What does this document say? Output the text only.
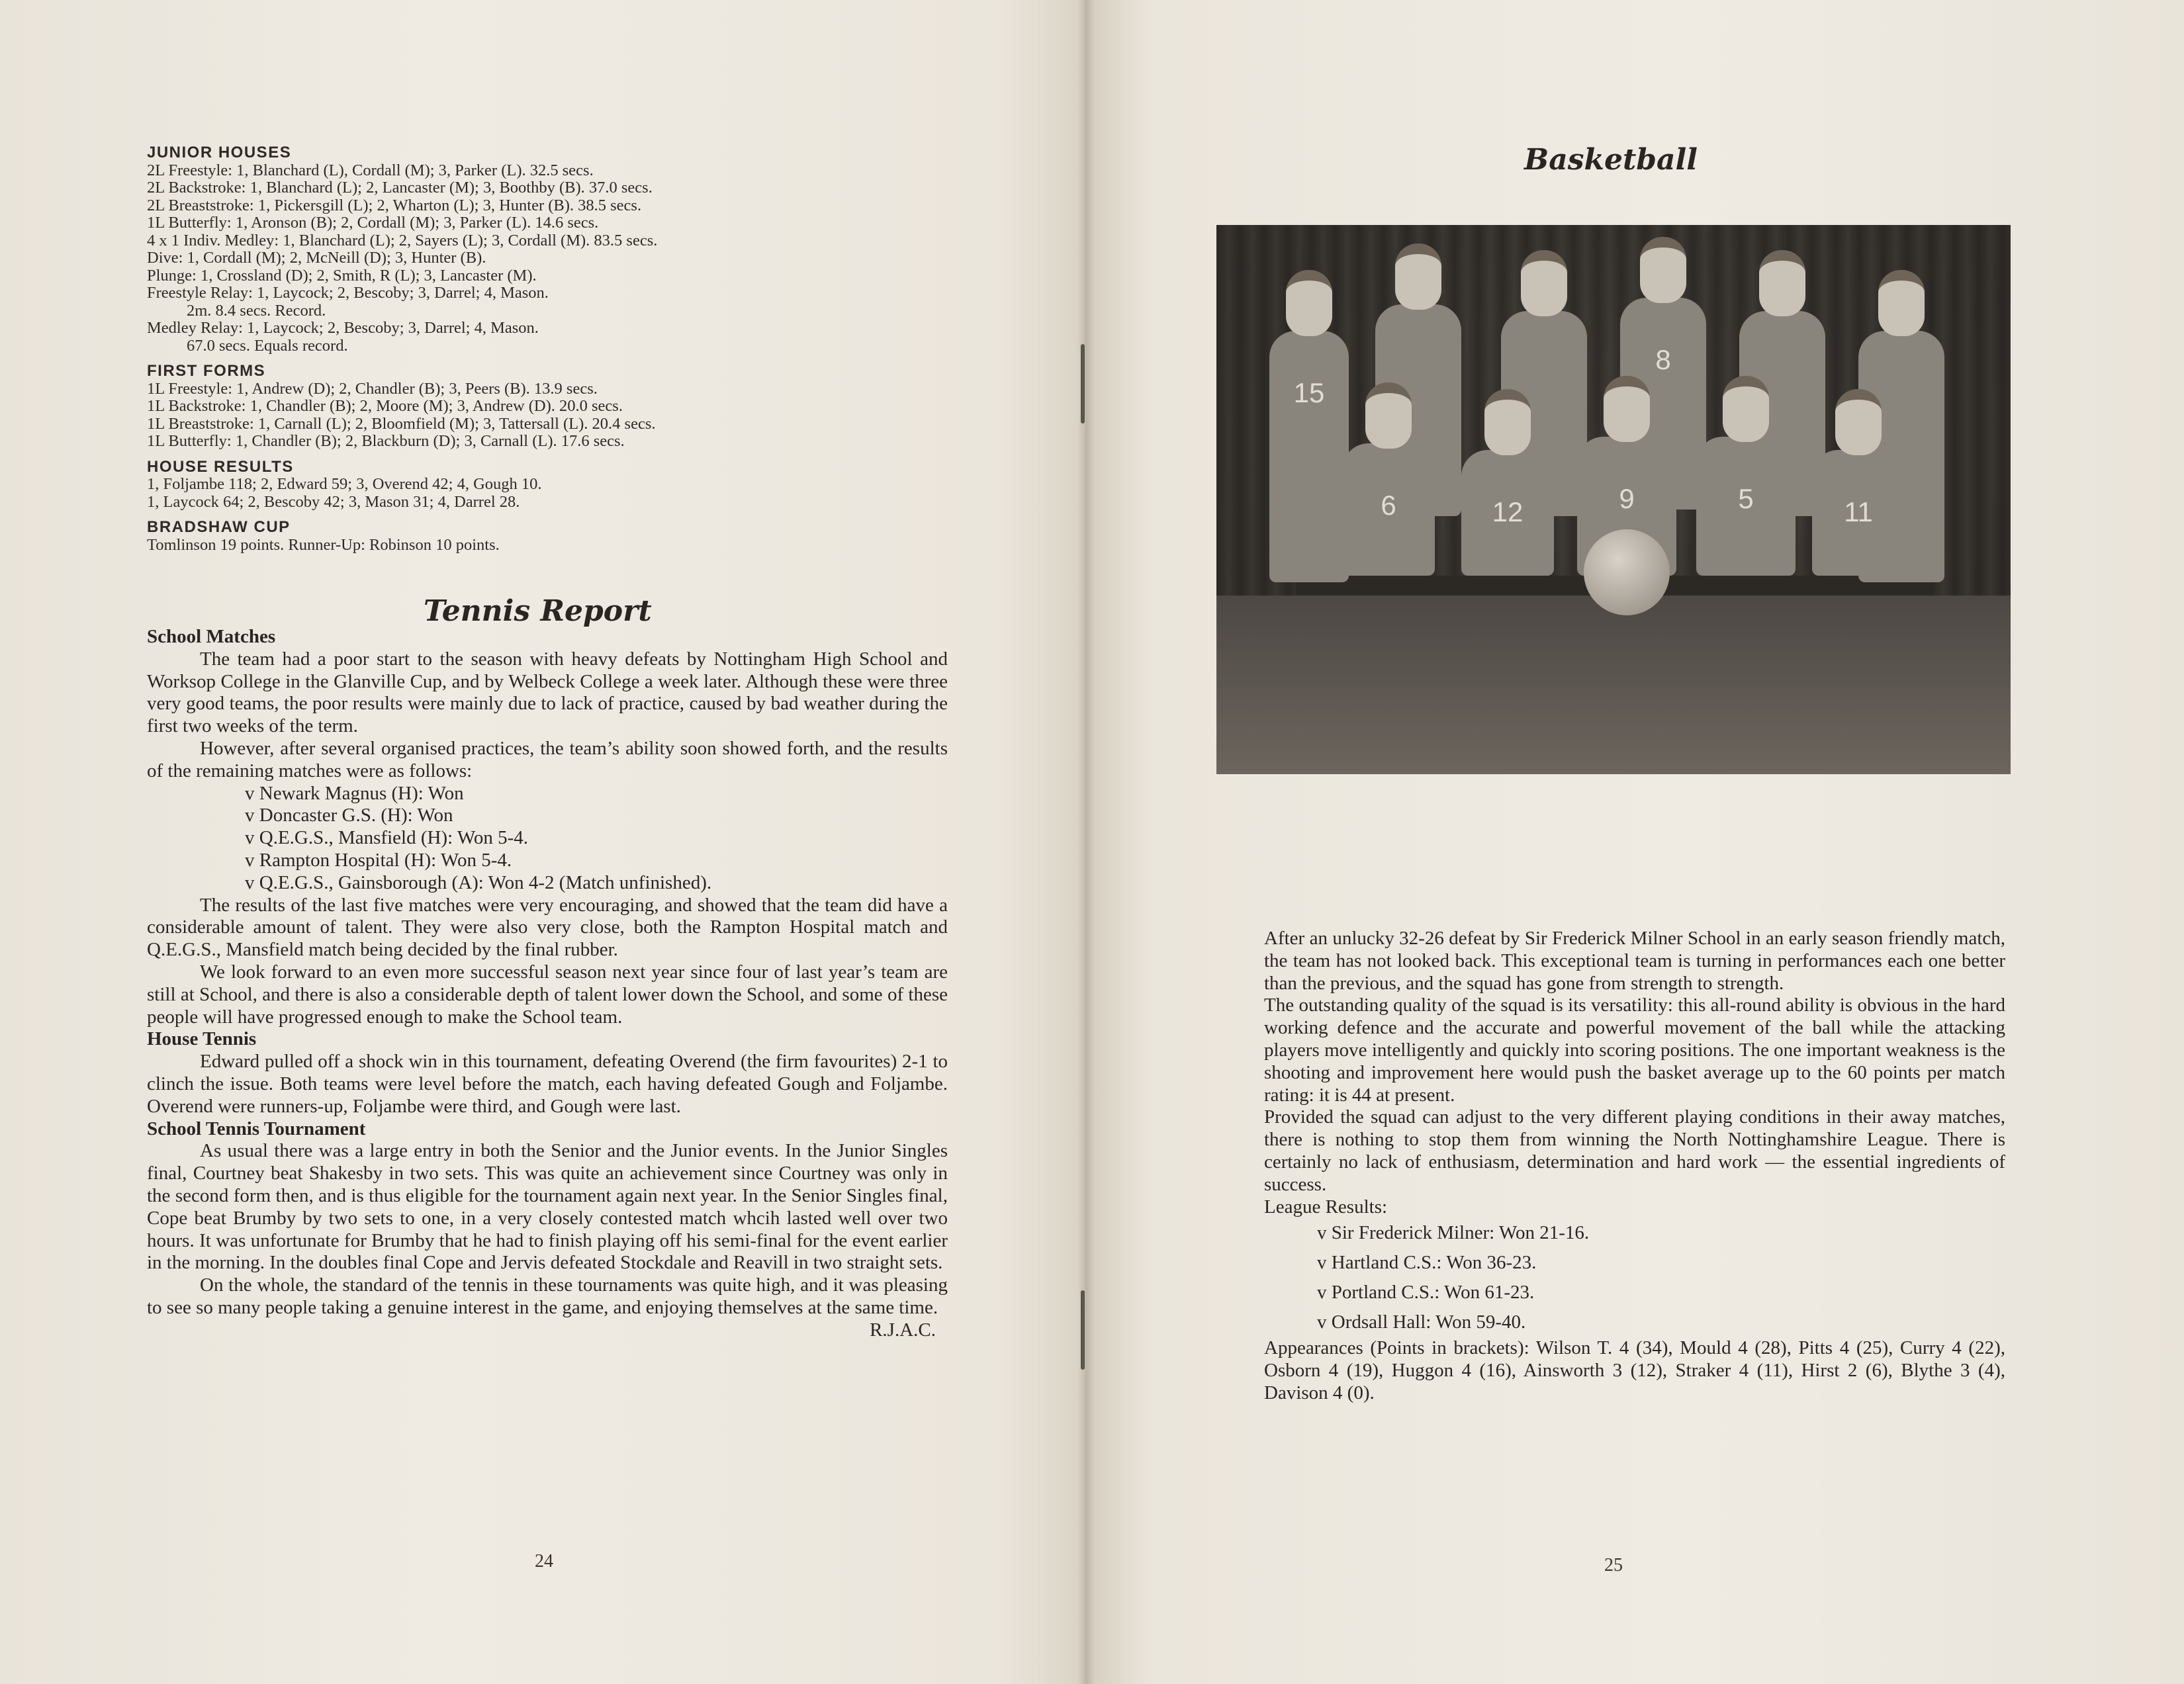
JUNIOR HOUSES

2L Freestyle: 1, Blanchard (L), Cordall (M); 3, Parker (L). 32.5 secs.

2L Backstroke: 1, Blanchard (L); 2, Lancaster (M); 3, Boothby (B). 37.0 secs.

2L Breaststroke: 1, Pickersgill (L); 2, Wharton (L); 3, Hunter (B). 38.5 secs.

1L Butterfly: 1, Aronson (B); 2, Cordall (M); 3, Parker (L). 14.6 secs.

4 x 1 Indiv. Medley: 1, Blanchard (L); 2, Sayers (L); 3, Cordall (M). 83.5 secs.

Dive: 1, Cordall (M); 2, McNeill (D); 3, Hunter (B).

Plunge: 1, Crossland (D); 2, Smith, R (L); 3, Lancaster (M).

Freestyle Relay: 1, Laycock; 2, Bescoby; 3, Darrel; 4, Mason.

2m. 8.4 secs. Record.

Medley Relay: 1, Laycock; 2, Bescoby; 3, Darrel; 4, Mason.

67.0 secs. Equals record.

FIRST FORMS

1L Freestyle: 1, Andrew (D); 2, Chandler (B); 3, Peers (B). 13.9 secs.

1L Backstroke: 1, Chandler (B); 2, Moore (M); 3, Andrew (D). 20.0 secs.

1L Breaststroke: 1, Carnall (L); 2, Bloomfield (M); 3, Tattersall (L). 20.4 secs.

1L Butterfly: 1, Chandler (B); 2, Blackburn (D); 3, Carnall (L). 17.6 secs.

HOUSE RESULTS

1, Foljambe 118; 2, Edward 59; 3, Overend 42; 4, Gough 10.

1, Laycock 64; 2, Bescoby 42; 3, Mason 31; 4, Darrel 28.

BRADSHAW CUP

Tomlinson 19 points. Runner-Up: Robinson 10 points.

Tennis Report

School Matches

The team had a poor start to the season with heavy defeats by Nottingham High School and Worksop College in the Glanville Cup, and by Welbeck College a week later. Although these were three very good teams, the poor results were mainly due to lack of practice, caused by bad weather during the first two weeks of the term.

However, after several organised practices, the team’s ability soon showed forth, and the results of the remaining matches were as follows:

v Newark Magnus (H): Won

v Doncaster G.S. (H): Won

v Q.E.G.S., Mansfield (H): Won 5-4.

v Rampton Hospital (H): Won 5-4.

v Q.E.G.S., Gainsborough (A): Won 4-2 (Match unfinished).

The results of the last five matches were very encouraging, and showed that the team did have a considerable amount of talent. They were also very close, both the Rampton Hospital match and Q.E.G.S., Mansfield match being decided by the final rubber.

We look forward to an even more successful season next year since four of last year’s team are still at School, and there is also a considerable depth of talent lower down the School, and some of these people will have progressed enough to make the School team.

House Tennis

Edward pulled off a shock win in this tournament, defeating Overend (the firm favourites) 2-1 to clinch the issue. Both teams were level before the match, each having defeated Gough and Foljambe. Overend were runners-up, Foljambe were third, and Gough were last.

School Tennis Tournament

As usual there was a large entry in both the Senior and the Junior events. In the Junior Singles final, Courtney beat Shakesby in two sets. This was quite an achievement since Courtney was only in the second form then, and is thus eligible for the tournament again next year. In the Senior Singles final, Cope beat Brumby by two sets to one, in a very closely contested match whcih lasted well over two hours. It was unfortunate for Brumby that he had to finish playing off his semi-final for the event earlier in the morning. In the doubles final Cope and Jervis defeated Stockdale and Reavill in two straight sets.

On the whole, the standard of the tennis in these tournaments was quite high, and it was pleasing to see so many people taking a genuine interest in the game, and enjoying themselves at the same time.

R.J.A.C.

24
Basketball
15
8
6	12	9	5	11

After an unlucky 32-26 defeat by Sir Frederick Milner School in an early season friendly match, the team has not looked back. This exceptional team is turning in performances each one better than the previous, and the squad has gone from strength to strength.

The outstanding quality of the squad is its versatility: this all-round ability is obvious in the hard working defence and the accurate and powerful movement of the ball while the attacking players move intelligently and quickly into scoring positions. The one important weakness is the shooting and improvement here would push the basket average up to the 60 points per match rating: it is 44 at present.

Provided the squad can adjust to the very different playing conditions in their away matches, there is nothing to stop them from winning the North Nottinghamshire League. There is certainly no lack of enthusiasm, determination and hard work — the essential ingredients of success.

League Results:

v Sir Frederick Milner: Won 21-16.

v Hartland C.S.: Won 36-23.

v Portland C.S.: Won 61-23.

v Ordsall Hall: Won 59-40.

Appearances (Points in brackets): Wilson T. 4 (34), Mould 4 (28), Pitts 4 (25), Curry 4 (22), Osborn 4 (19), Huggon 4 (16), Ainsworth 3 (12), Straker 4 (11), Hirst 2 (6), Blythe 3 (4), Davison 4 (0).

25
